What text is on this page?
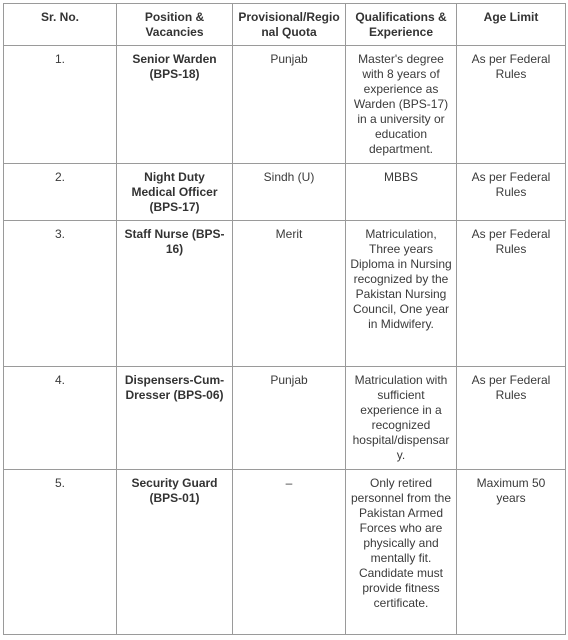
Sr. No.	Position & Vacancies	Provisional/Regional Quota	Qualifications & Experience	Age Limit
1.	Senior Warden (BPS-18)	Punjab	Master's degree with 8 years of experience as Warden (BPS-17) in a university or education department.	As per Federal Rules
2.	Night Duty Medical Officer (BPS-17)	Sindh (U)	MBBS	As per Federal Rules
3.	Staff Nurse (BPS-16)	Merit	Matriculation, Three years Diploma in Nursing recognized by the Pakistan Nursing Council, One year in Midwifery.	As per Federal Rules
4.	Dispensers-Cum-Dresser (BPS-06)	Punjab	Matriculation with sufficient experience in a recognized hospital/dispensary.	As per Federal Rules
5.	Security Guard (BPS-01)	–	Only retired personnel from the Pakistan Armed Forces who are physically and mentally fit. Candidate must provide fitness certificate.	Maximum 50 years
